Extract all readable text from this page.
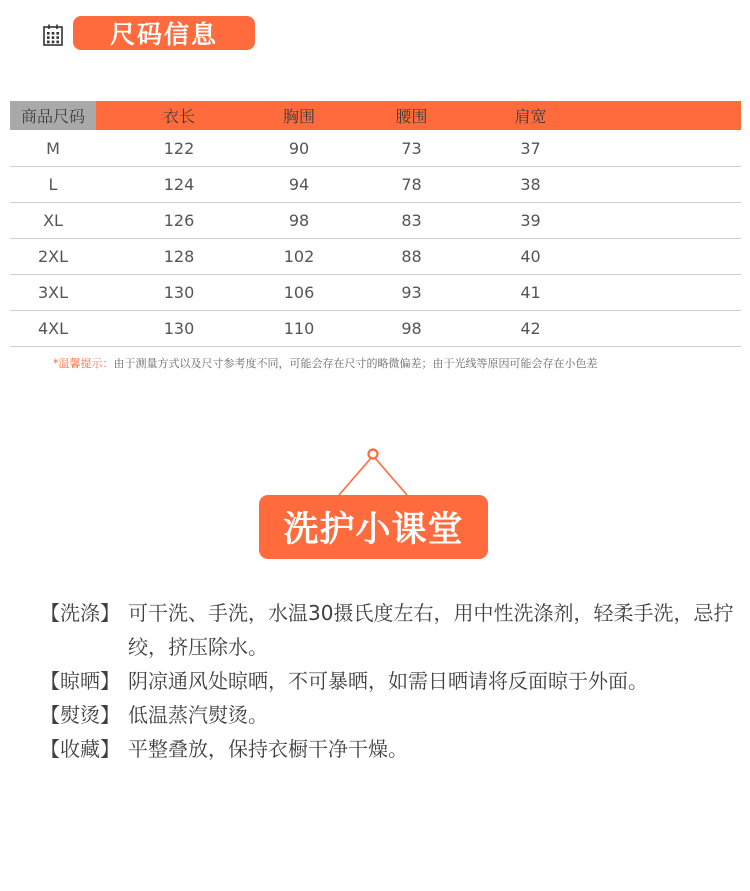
尺码信息
商品尺码	衣长	胸围	腰围	肩宽
M	122	90	73	37
L	124	94	78	38
XL	126	98	83	39
2XL	128	102	88	40
3XL	130	106	93	41
4XL	130	110	98	42
*温馨提示：由于测量方式以及尺寸参考度不同，可能会存在尺寸的略微偏差；由于光线等原因可能会存在小色差
洗护小课堂
【洗涤】 可干洗、手洗，水温30摄氏度左右，用中性洗涤剂，轻柔手洗，忌拧绞，挤压除水。
【晾晒】 阴凉通风处晾晒，不可暴晒，如需日晒请将反面晾于外面。
【熨烫】 低温蒸汽熨烫。
【收藏】 平整叠放，保持衣橱干净干燥。
